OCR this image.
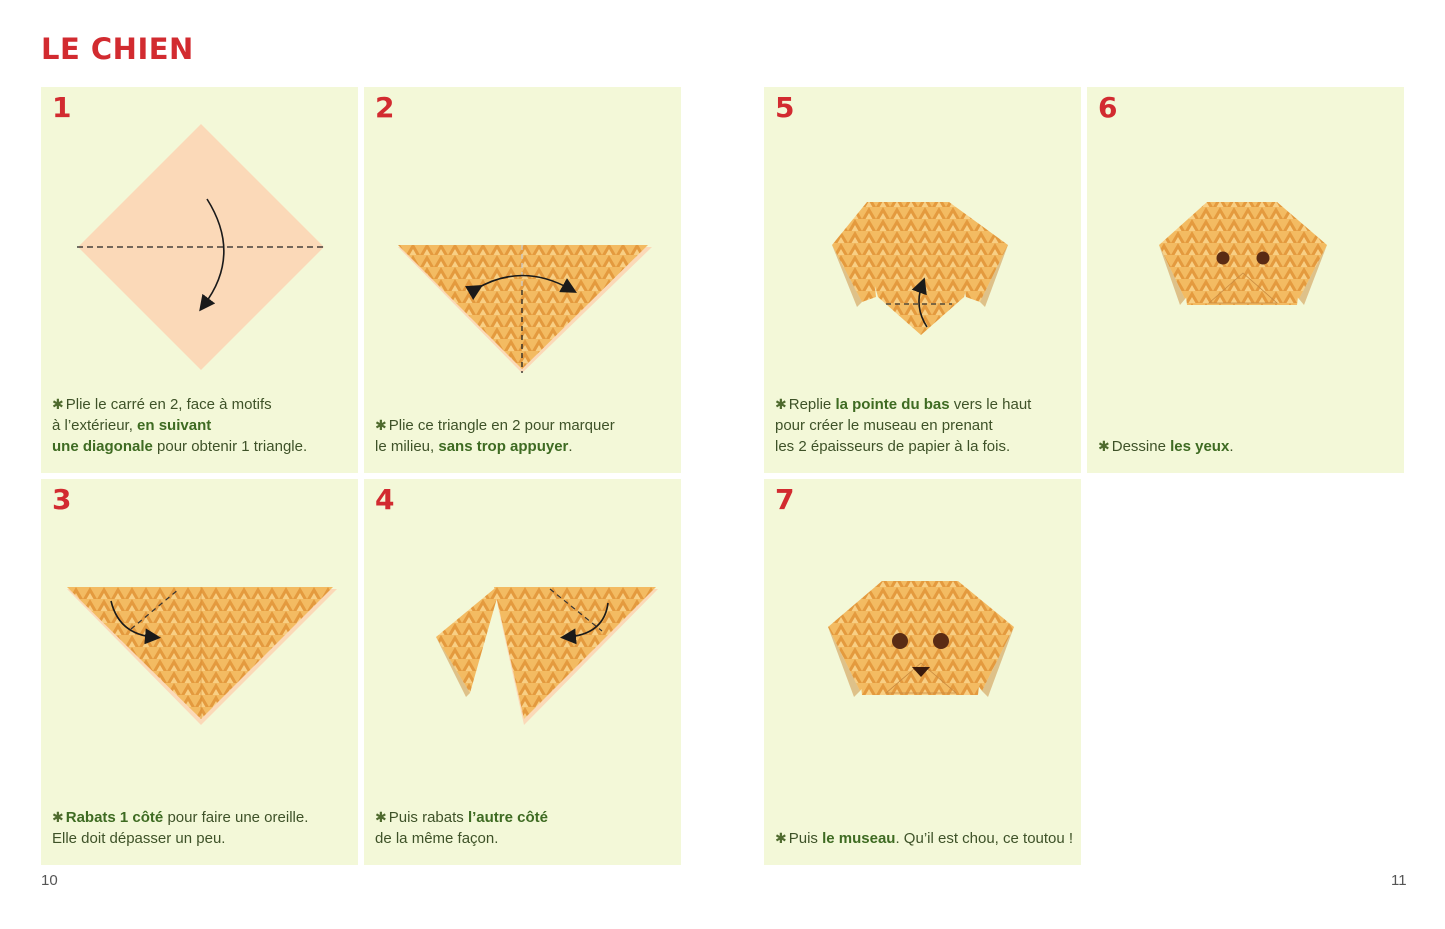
LE CHIEN
1
✱ Plie le carré en 2, face à motifs
à l’extérieur, en suivant
une diagonale pour obtenir 1 triangle.
2
✱ Plie ce triangle en 2 pour marquer
le milieu, sans trop appuyer.
3
✱ Rabats 1 côté pour faire une oreille.
Elle doit dépasser un peu.
4
✱ Puis rabats l’autre côté
de la même façon.
5
✱ Replie la pointe du bas vers le haut
pour créer le museau en prenant
les 2 épaisseurs de papier à la fois.
6
✱ Dessine les yeux.
7
✱ Puis le museau. Qu’il est chou, ce toutou !
10	11
